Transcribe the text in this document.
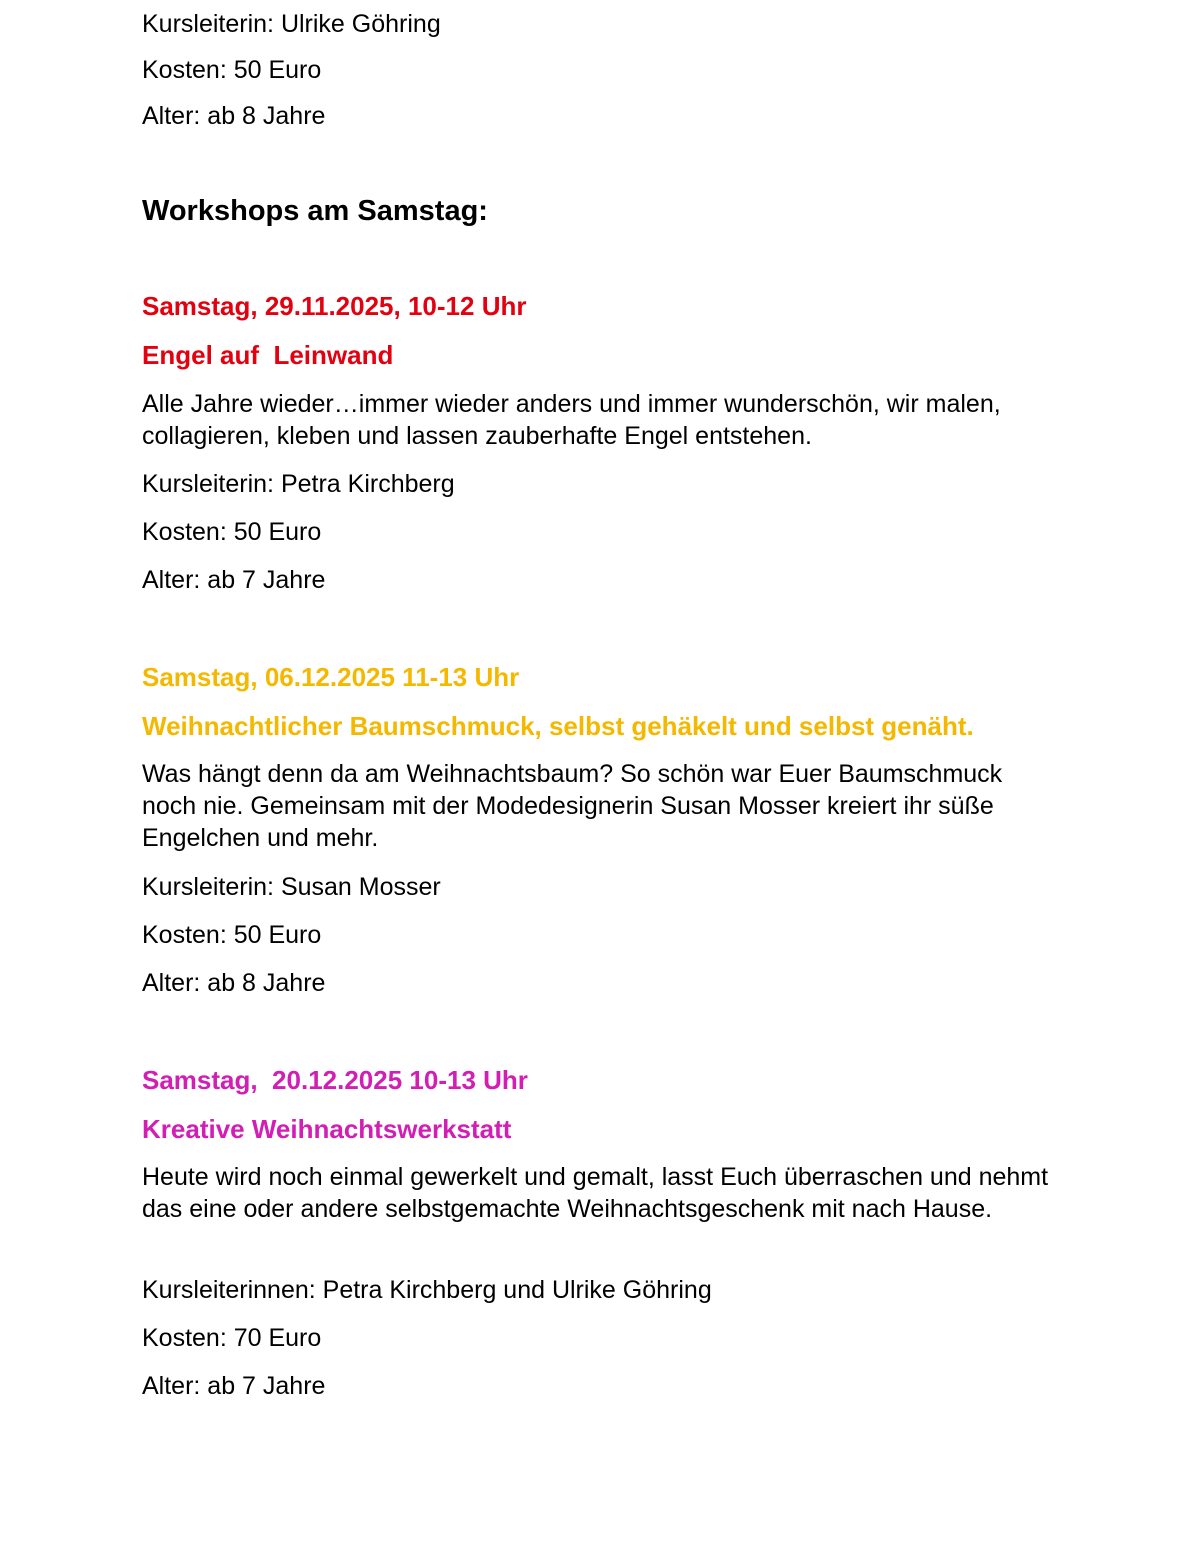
Kursleiterin: Ulrike Göhring

Kosten: 50 Euro

Alter: ab 8 Jahre

Workshops am Samstag:

Samstag, 29.11.2025, 10-12 Uhr

Engel auf  Leinwand

Alle Jahre wieder…immer wieder anders und immer wunderschön, wir malen, collagieren, kleben und lassen zauberhafte Engel entstehen.

Kursleiterin: Petra Kirchberg

Kosten: 50 Euro

Alter: ab 7 Jahre

Samstag, 06.12.2025 11-13 Uhr

Weihnachtlicher Baumschmuck, selbst gehäkelt und selbst genäht.

Was hängt denn da am Weihnachtsbaum? So schön war Euer Baumschmuck noch nie. Gemeinsam mit der Modedesignerin Susan Mosser kreiert ihr süße Engelchen und mehr.

Kursleiterin: Susan Mosser

Kosten: 50 Euro

Alter: ab 8 Jahre

Samstag,  20.12.2025 10-13 Uhr

Kreative Weihnachtswerkstatt

Heute wird noch einmal gewerkelt und gemalt, lasst Euch überraschen und nehmt das eine oder andere selbstgemachte Weihnachtsgeschenk mit nach Hause.

Kursleiterinnen: Petra Kirchberg und Ulrike Göhring

Kosten: 70 Euro

Alter: ab 7 Jahre
